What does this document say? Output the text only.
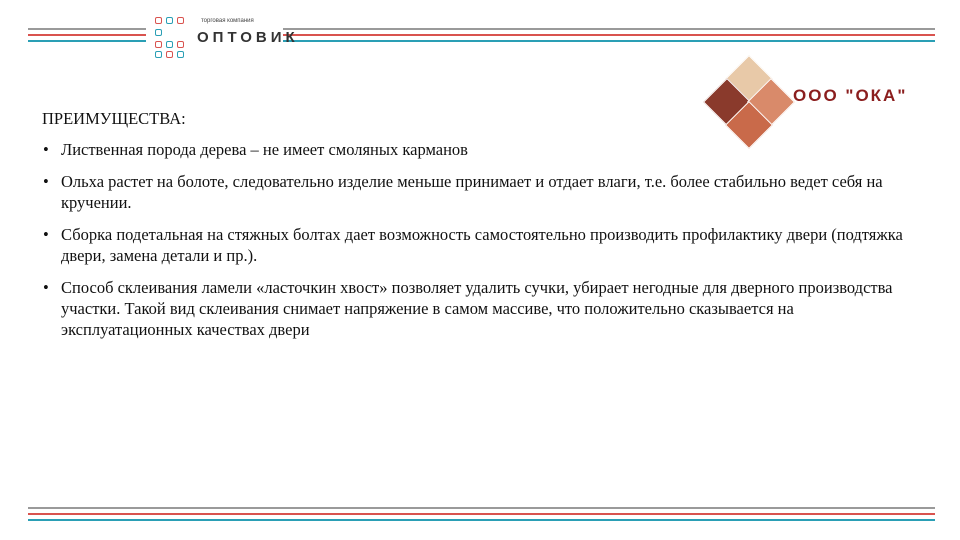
торговая компания
ОПТОВИК
ООО "ОКА"
ПРЕИМУЩЕСТВА:
• Лиственная порода дерева – не имеет смоляных карманов
• Ольха растет на болоте, следовательно изделие меньше принимает и отдает влаги, т.е. более стабильно ведет себя на кручении.
• Сборка подетальная на стяжных болтах дает возможность самостоятельно производить профилактику двери (подтяжка двери, замена детали и пр.).
• Способ склеивания ламели «ласточкин хвост» позволяет удалить сучки, убирает негодные для дверного производства участки. Такой вид склеивания снимает напряжение в самом массиве, что положительно сказывается на эксплуатационных качествах двери
